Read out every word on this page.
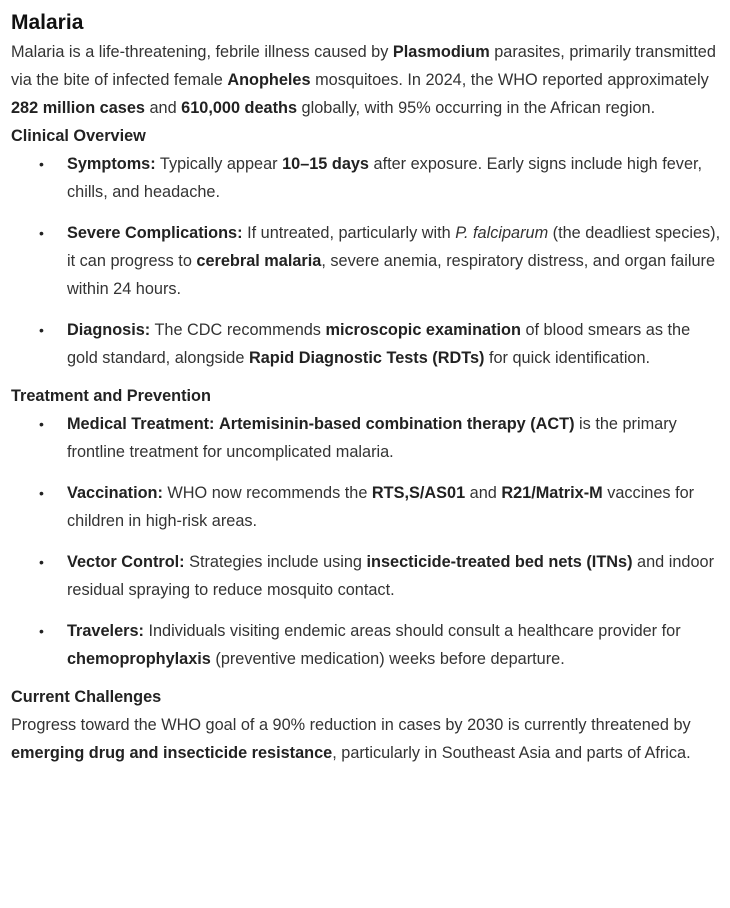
Malaria

Malaria is a life-threatening, febrile illness caused by Plasmodium parasites, primarily transmitted via the bite of infected female Anopheles mosquitoes. In 2024, the WHO reported approximately 282 million cases and 610,000 deaths globally, with 95% occurring in the African region.

Clinical Overview
• Symptoms: Typically appear 10–15 days after exposure. Early signs include high fever, chills, and headache.
• Severe Complications: If untreated, particularly with P. falciparum (the deadliest species), it can progress to cerebral malaria, severe anemia, respiratory distress, and organ failure within 24 hours.
• Diagnosis: The CDC recommends microscopic examination of blood smears as the gold standard, alongside Rapid Diagnostic Tests (RDTs) for quick identification.
Treatment and Prevention
• Medical Treatment: Artemisinin-based combination therapy (ACT) is the primary frontline treatment for uncomplicated malaria.
• Vaccination: WHO now recommends the RTS,S/AS01 and R21/Matrix-M vaccines for children in high-risk areas.
• Vector Control: Strategies include using insecticide-treated bed nets (ITNs) and indoor residual spraying to reduce mosquito contact.
• Travelers: Individuals visiting endemic areas should consult a healthcare provider for chemoprophylaxis (preventive medication) weeks before departure.
Current Challenges

Progress toward the WHO goal of a 90% reduction in cases by 2030 is currently threatened by emerging drug and insecticide resistance, particularly in Southeast Asia and parts of Africa.
